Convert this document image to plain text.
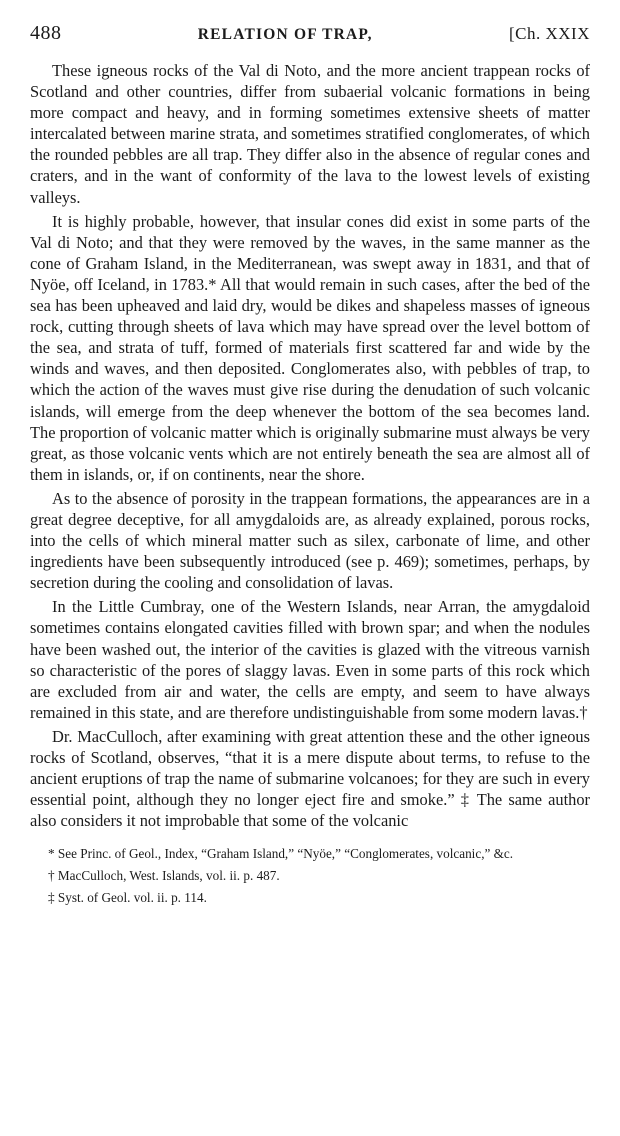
488	RELATION OF TRAP,	[Ch. XXIX

These igneous rocks of the Val di Noto, and the more ancient trappean rocks of Scotland and other countries, differ from subaerial volcanic formations in being more compact and heavy, and in forming sometimes extensive sheets of matter intercalated between marine strata, and sometimes stratified conglomerates, of which the rounded pebbles are all trap. They differ also in the absence of regular cones and craters, and in the want of conformity of the lava to the lowest levels of existing valleys.

It is highly probable, however, that insular cones did exist in some parts of the Val di Noto; and that they were removed by the waves, in the same manner as the cone of Graham Island, in the Mediterranean, was swept away in 1831, and that of Nyöe, off Iceland, in 1783.* All that would remain in such cases, after the bed of the sea has been upheaved and laid dry, would be dikes and shapeless masses of igneous rock, cutting through sheets of lava which may have spread over the level bottom of the sea, and strata of tuff, formed of materials first scattered far and wide by the winds and waves, and then deposited. Conglomerates also, with pebbles of trap, to which the action of the waves must give rise during the denudation of such volcanic islands, will emerge from the deep whenever the bottom of the sea becomes land. The proportion of volcanic matter which is originally submarine must always be very great, as those volcanic vents which are not entirely beneath the sea are almost all of them in islands, or, if on continents, near the shore.

As to the absence of porosity in the trappean formations, the appearances are in a great degree deceptive, for all amygdaloids are, as already explained, porous rocks, into the cells of which mineral matter such as silex, carbonate of lime, and other ingredients have been subsequently introduced (see p. 469); sometimes, perhaps, by secretion during the cooling and consolidation of lavas.

In the Little Cumbray, one of the Western Islands, near Arran, the amygdaloid sometimes contains elongated cavities filled with brown spar; and when the nodules have been washed out, the interior of the cavities is glazed with the vitreous varnish so characteristic of the pores of slaggy lavas. Even in some parts of this rock which are excluded from air and water, the cells are empty, and seem to have always remained in this state, and are therefore undistinguishable from some modern lavas.†

Dr. MacCulloch, after examining with great attention these and the other igneous rocks of Scotland, observes, “that it is a mere dispute about terms, to refuse to the ancient eruptions of trap the name of submarine volcanoes; for they are such in every essential point, although they no longer eject fire and smoke.” ‡ The same author also considers it not improbable that some of the volcanic

* See Princ. of Geol., Index, “Graham Island,” “Nyöe,” “Conglomerates, volcanic,” &c.

† MacCulloch, West. Islands, vol. ii. p. 487.

‡ Syst. of Geol. vol. ii. p. 114.
